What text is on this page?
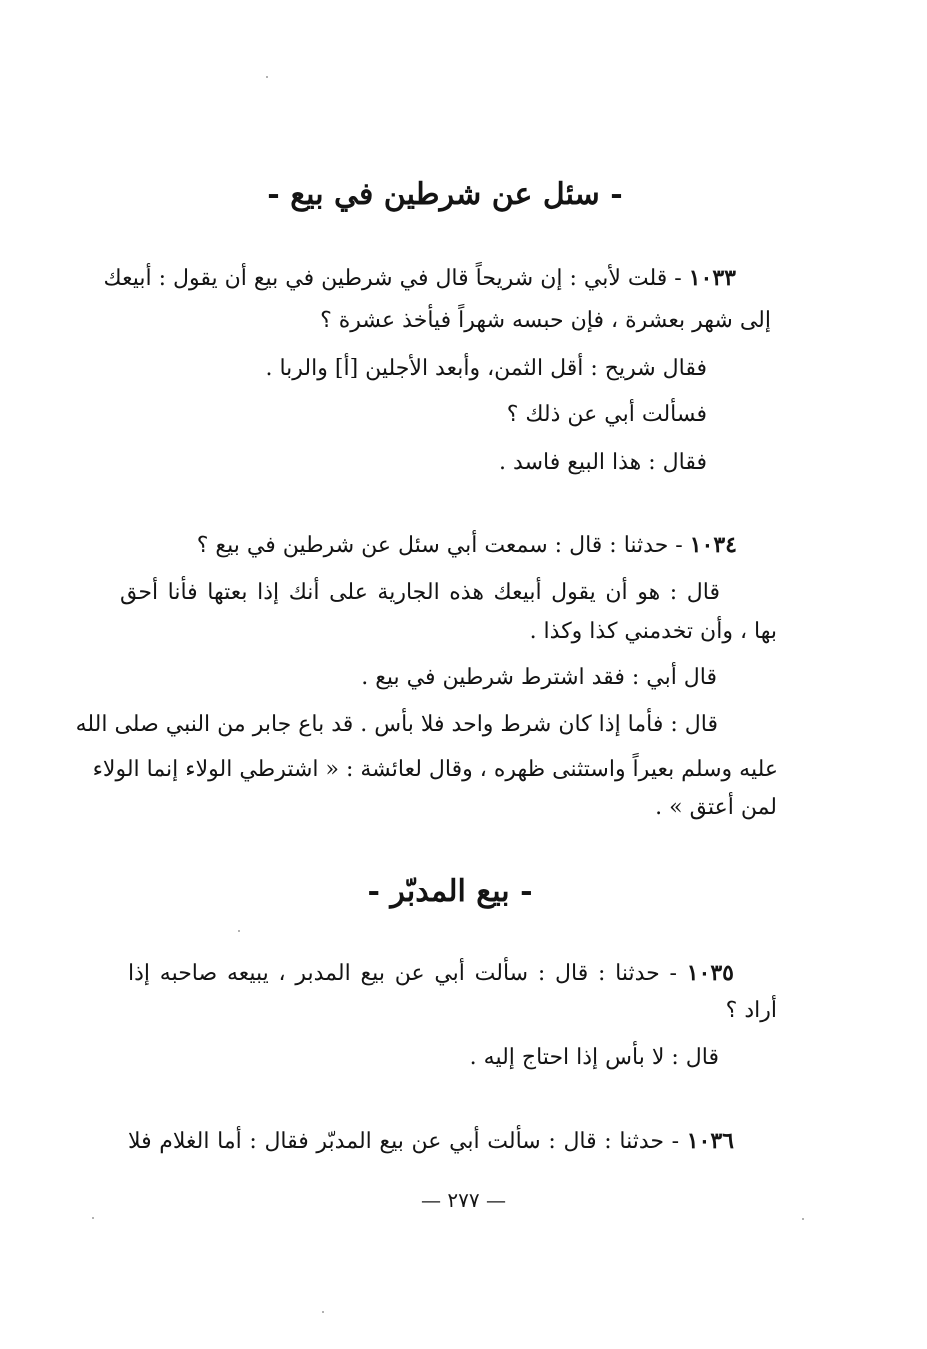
- سئل عن شرطين في بيع -
١٠٣٣ - قلت لأبي : إن شريحاً قال في شرطين في بيع أن يقول : أبيعك
إلى شهر بعشرة ، فإن حبسه شهراً فيأخذ عشرة ؟
فقال شريح : أقل الثمن، وأبعد الأجلين [أ] والربا .
فسألت أبي عن ذلك ؟
فقال : هذا البيع فاسد .
١٠٣٤ - حدثنا : قال : سمعت أبي سئل عن شرطين في بيع ؟
قال : هو أن يقول أبيعك هذه الجارية على أنك إذا بعتها فأنا أحق
بها ، وأن تخدمني كذا وكذا .
قال أبي : فقد اشترط شرطين في بيع .
قال : فأما إذا كان شرط واحد فلا بأس . قد باع جابر من النبي صلى الله
عليه وسلم بعيراً واستثنى ظهره ، وقال لعائشة : « اشترطي الولاء إنما الولاء
لمن أعتق » .
- بيع المدبّر -
١٠٣٥ - حدثنا : قال : سألت أبي عن بيع المدبر ، يبيعه صاحبه إذا
أراد ؟
قال : لا بأس إذا احتاج إليه .
١٠٣٦ - حدثنا : قال : سألت أبي عن بيع المدبّر فقال : أما الغلام فلا
— ٢٧٧ —
